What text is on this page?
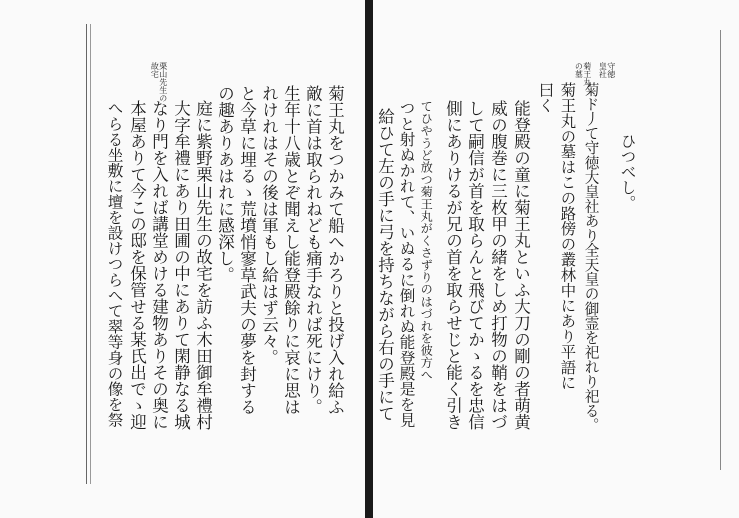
ひつべし。
守徳
皇社
菊ド丿て守徳大皇社あり全天皇の御霊を祀れり祀る。
菊王丸
の墓
菊王丸の墓はこの路傍の叢林中にあり平語に
曰く
能登殿の童に菊王丸といふ大刀の剛の者萌黄
威の腹巻に三枚甲の緒をしめ打物の鞘をはづ
して嗣信が首を取らんと飛びてかゝるを忠信
側にありけるが兄の首を取らせじと能く引き
てひやうど放つ菊王丸がくさずりのはづれを彼方へ
つと射ぬかれて、いぬるに倒れぬ能登殿是を見
給ひて左の手に弓を持ちながら右の手にて
菊王丸をつかみて船へかろりと投げ入れ給ふ
敵に首は取られねども痛手なれば死にけり。
生年十八歳とぞ聞えし能登殿餘りに哀に思は
れけれはその後は軍もし給はず云々。
と今草に埋るゝ荒墳悄寥草武夫の夢を封する
の趣ありあはれに感深し。
庭に紫野栗山先生の故宅を訪ふ木田御牟禮村
栗山先生の
故宅
大字牟禮にあり田圃の中にありて閑静なる城
なり門を入れば講堂めける建物ありその奥に
本屋ありて今この邸を保管せる某氏出でゝ迎
へらる坐敷に壇を設けつらへて翠等身の像を祭
